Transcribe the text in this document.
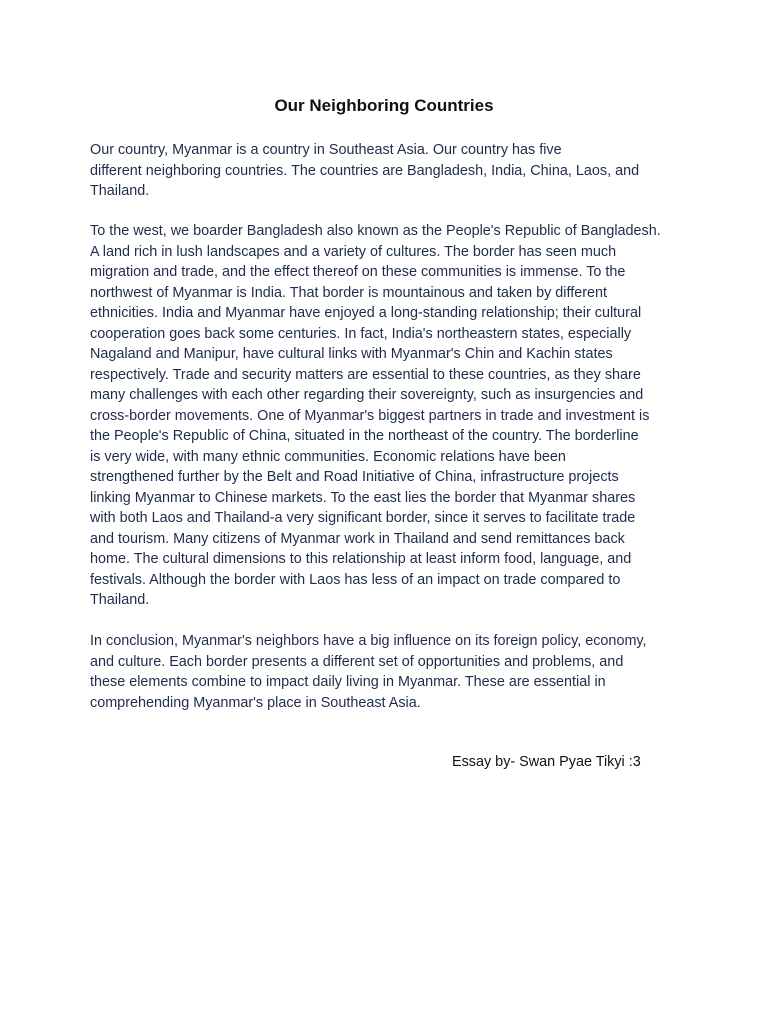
Our Neighboring Countries

Our country, Myanmar is a country in Southeast Asia. Our country has five
different neighboring countries. The countries are Bangladesh, India, China, Laos, and
Thailand.

To the west, we boarder Bangladesh also known as the People's Republic of Bangladesh.
A land rich in lush landscapes and a variety of cultures. The border has seen much
migration and trade, and the effect thereof on these communities is immense. To the
northwest of Myanmar is India. That border is mountainous and taken by different
ethnicities. India and Myanmar have enjoyed a long-standing relationship; their cultural
cooperation goes back some centuries. In fact, India's northeastern states, especially
Nagaland and Manipur, have cultural links with Myanmar's Chin and Kachin states
respectively. Trade and security matters are essential to these countries, as they share
many challenges with each other regarding their sovereignty, such as insurgencies and
cross-border movements. One of Myanmar's biggest partners in trade and investment is
the People's Republic of China, situated in the northeast of the country. The borderline
is very wide, with many ethnic communities. Economic relations have been
strengthened further by the Belt and Road Initiative of China, infrastructure projects
linking Myanmar to Chinese markets. To the east lies the border that Myanmar shares
with both Laos and Thailand-a very significant border, since it serves to facilitate trade
and tourism. Many citizens of Myanmar work in Thailand and send remittances back
home. The cultural dimensions to this relationship at least inform food, language, and
festivals. Although the border with Laos has less of an impact on trade compared to
Thailand.

In conclusion, Myanmar's neighbors have a big influence on its foreign policy, economy,
and culture. Each border presents a different set of opportunities and problems, and
these elements combine to impact daily living in Myanmar. These are essential in
comprehending Myanmar's place in Southeast Asia.

Essay by- Swan Pyae Tikyi :3
